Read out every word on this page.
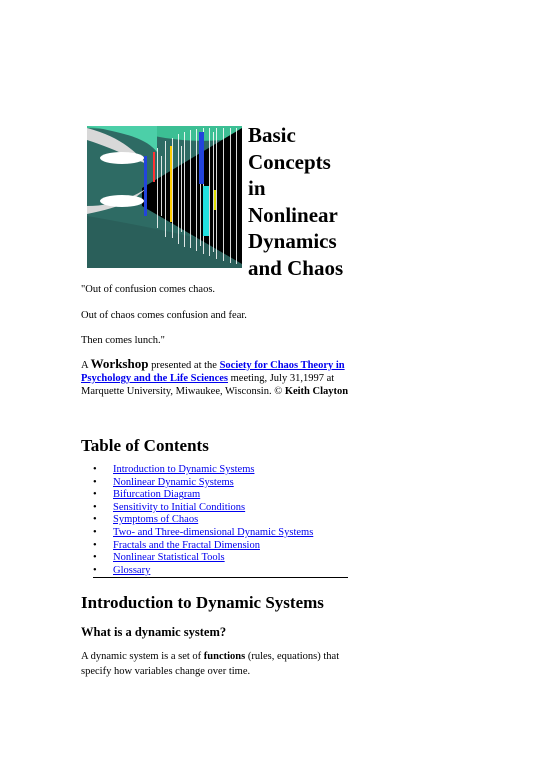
Basic
Concepts
in
Nonlinear
Dynamics
and Chaos

"Out of confusion comes chaos.

Out of chaos comes confusion and fear.

Then comes lunch."

A Workshop presented at the Society for Chaos Theory in Psychology and the Life Sciences meeting, July 31,1997 at Marquette University, Miwaukee, Wisconsin. © Keith Clayton

Table of Contents
• Introduction to Dynamic Systems
• Nonlinear Dynamic Systems
• Bifurcation Diagram
• Sensitivity to Initial Conditions
• Symptoms of Chaos
• Two- and Three-dimensional Dynamic Systems
• Fractals and the Fractal Dimension
• Nonlinear Statistical Tools
• Glossary
Introduction to Dynamic Systems
What is a dynamic system?

A dynamic system is a set of functions (rules, equations) that specify how variables change over time.
